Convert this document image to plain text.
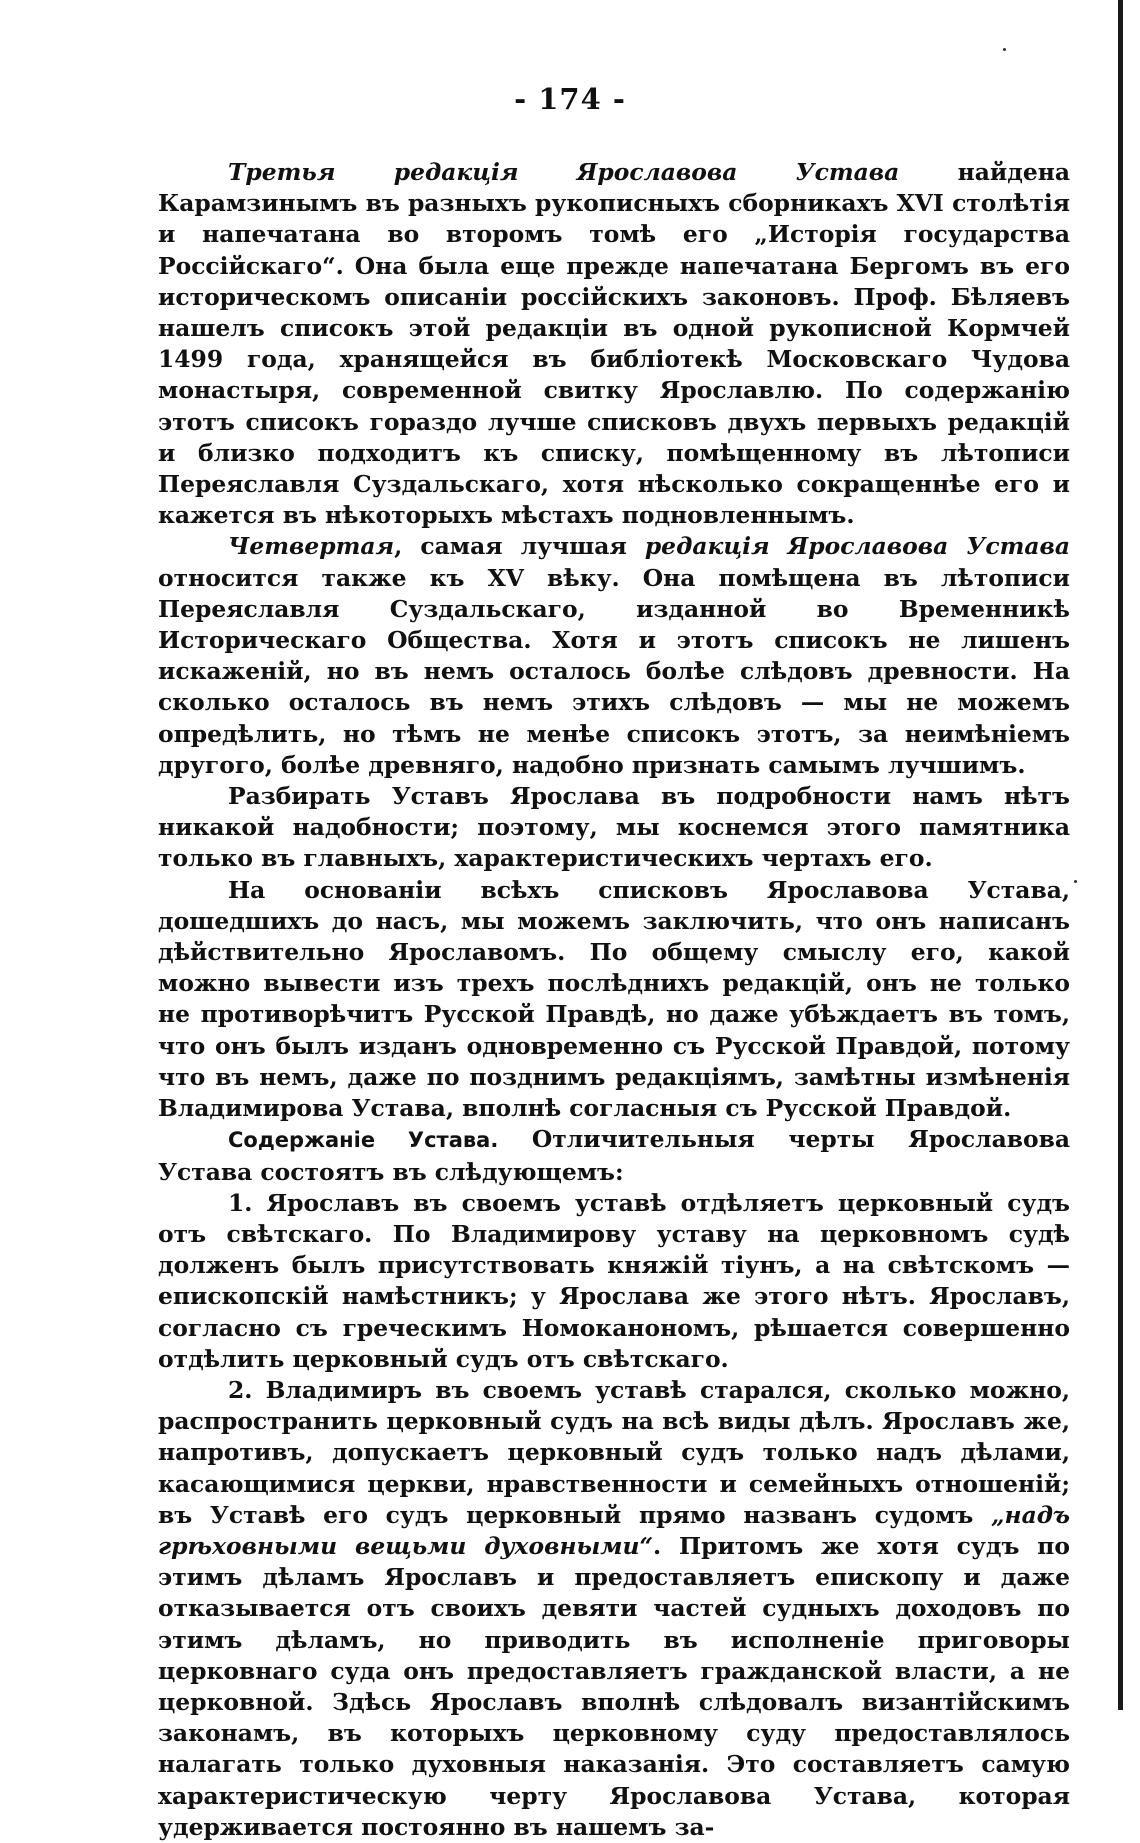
- 174 -

Третья редакція Ярославова Устава найдена Карамзинымъ въ разныхъ рукописныхъ сборникахъ XVI столѣтія и напечатана во второмъ томѣ его „Исторія государства Россійскаго“. Она была еще прежде напечатана Бергомъ въ его историческомъ описаніи россійскихъ законовъ. Проф. Бѣляевъ нашелъ списокъ этой редакціи въ одной рукописной Кормчей 1499 года, хранящейся въ библіотекѣ Московскаго Чудова монастыря, современной свитку Ярославлю. По содержанію этотъ списокъ гораздо лучше списковъ двухъ первыхъ редакцій и близко подходитъ къ списку, помѣщенному въ лѣтописи Переяславля Суздальскаго, хотя нѣсколько сокращеннѣе его и кажется въ нѣкоторыхъ мѣстахъ подновленнымъ.

Четвертая, самая лучшая редакція Ярославова Устава относится также къ XV вѣку. Она помѣщена въ лѣтописи Переяславля Суздальскаго, изданной во Временникѣ Историческаго Общества. Хотя и этотъ списокъ не лишенъ искаженій, но въ немъ осталось болѣе слѣдовъ древности. На сколько осталось въ немъ этихъ слѣдовъ — мы не можемъ опредѣлить, но тѣмъ не менѣе списокъ этотъ, за неимѣніемъ другого, болѣе древняго, надобно признать самымъ лучшимъ.

Разбирать Уставъ Ярослава въ подробности намъ нѣтъ никакой надобности; поэтому, мы коснемся этого памятника только въ главныхъ, характеристическихъ чертахъ его.

На основаніи всѣхъ списковъ Ярославова Устава, дошедшихъ до насъ, мы можемъ заключить, что онъ написанъ дѣйствительно Ярославомъ. По общему смыслу его, какой можно вывести изъ трехъ послѣднихъ редакцій, онъ не только не противорѣчитъ Русской Правдѣ, но даже убѣждаетъ въ томъ, что онъ былъ изданъ одновременно съ Русской Правдой, потому что въ немъ, даже по позднимъ редакціямъ, замѣтны измѣненія Владимирова Устава, вполнѣ согласныя съ Русской Правдой.

Содержаніе Устава. Отличительныя черты Ярославова Устава состоятъ въ слѣдующемъ:

1. Ярославъ въ своемъ уставѣ отдѣляетъ церковный судъ отъ свѣтскаго. По Владимирову уставу на церковномъ судѣ долженъ былъ присутствовать княжій тіунъ, а на свѣтскомъ — епископскій намѣстникъ; у Ярослава же этого нѣтъ. Ярославъ, согласно съ греческимъ Номоканономъ, рѣшается совершенно отдѣлить церковный судъ отъ свѣтскаго.

2. Владимиръ въ своемъ уставѣ старался, сколько можно, распространить церковный судъ на всѣ виды дѣлъ. Ярославъ же, напротивъ, допускаетъ церковный судъ только надъ дѣлами, касающимися церкви, нравственности и семейныхъ отношеній; въ Уставѣ его судъ церковный прямо названъ судомъ „надъ грѣховными вещьми духовными“. Притомъ же хотя судъ по этимъ дѣламъ Ярославъ и предоставляетъ епископу и даже отказывается отъ своихъ девяти частей судныхъ доходовъ по этимъ дѣламъ, но приводить въ исполненіе приговоры церковнаго суда онъ предоставляетъ гражданской власти, а не церковной. Здѣсь Ярославъ вполнѣ слѣдовалъ византійскимъ законамъ, въ которыхъ церковному суду предоставлялось налагать только духовныя наказанія. Это составляетъ самую характеристическую черту Ярославова Устава, которая удерживается постоянно въ нашемъ за-
